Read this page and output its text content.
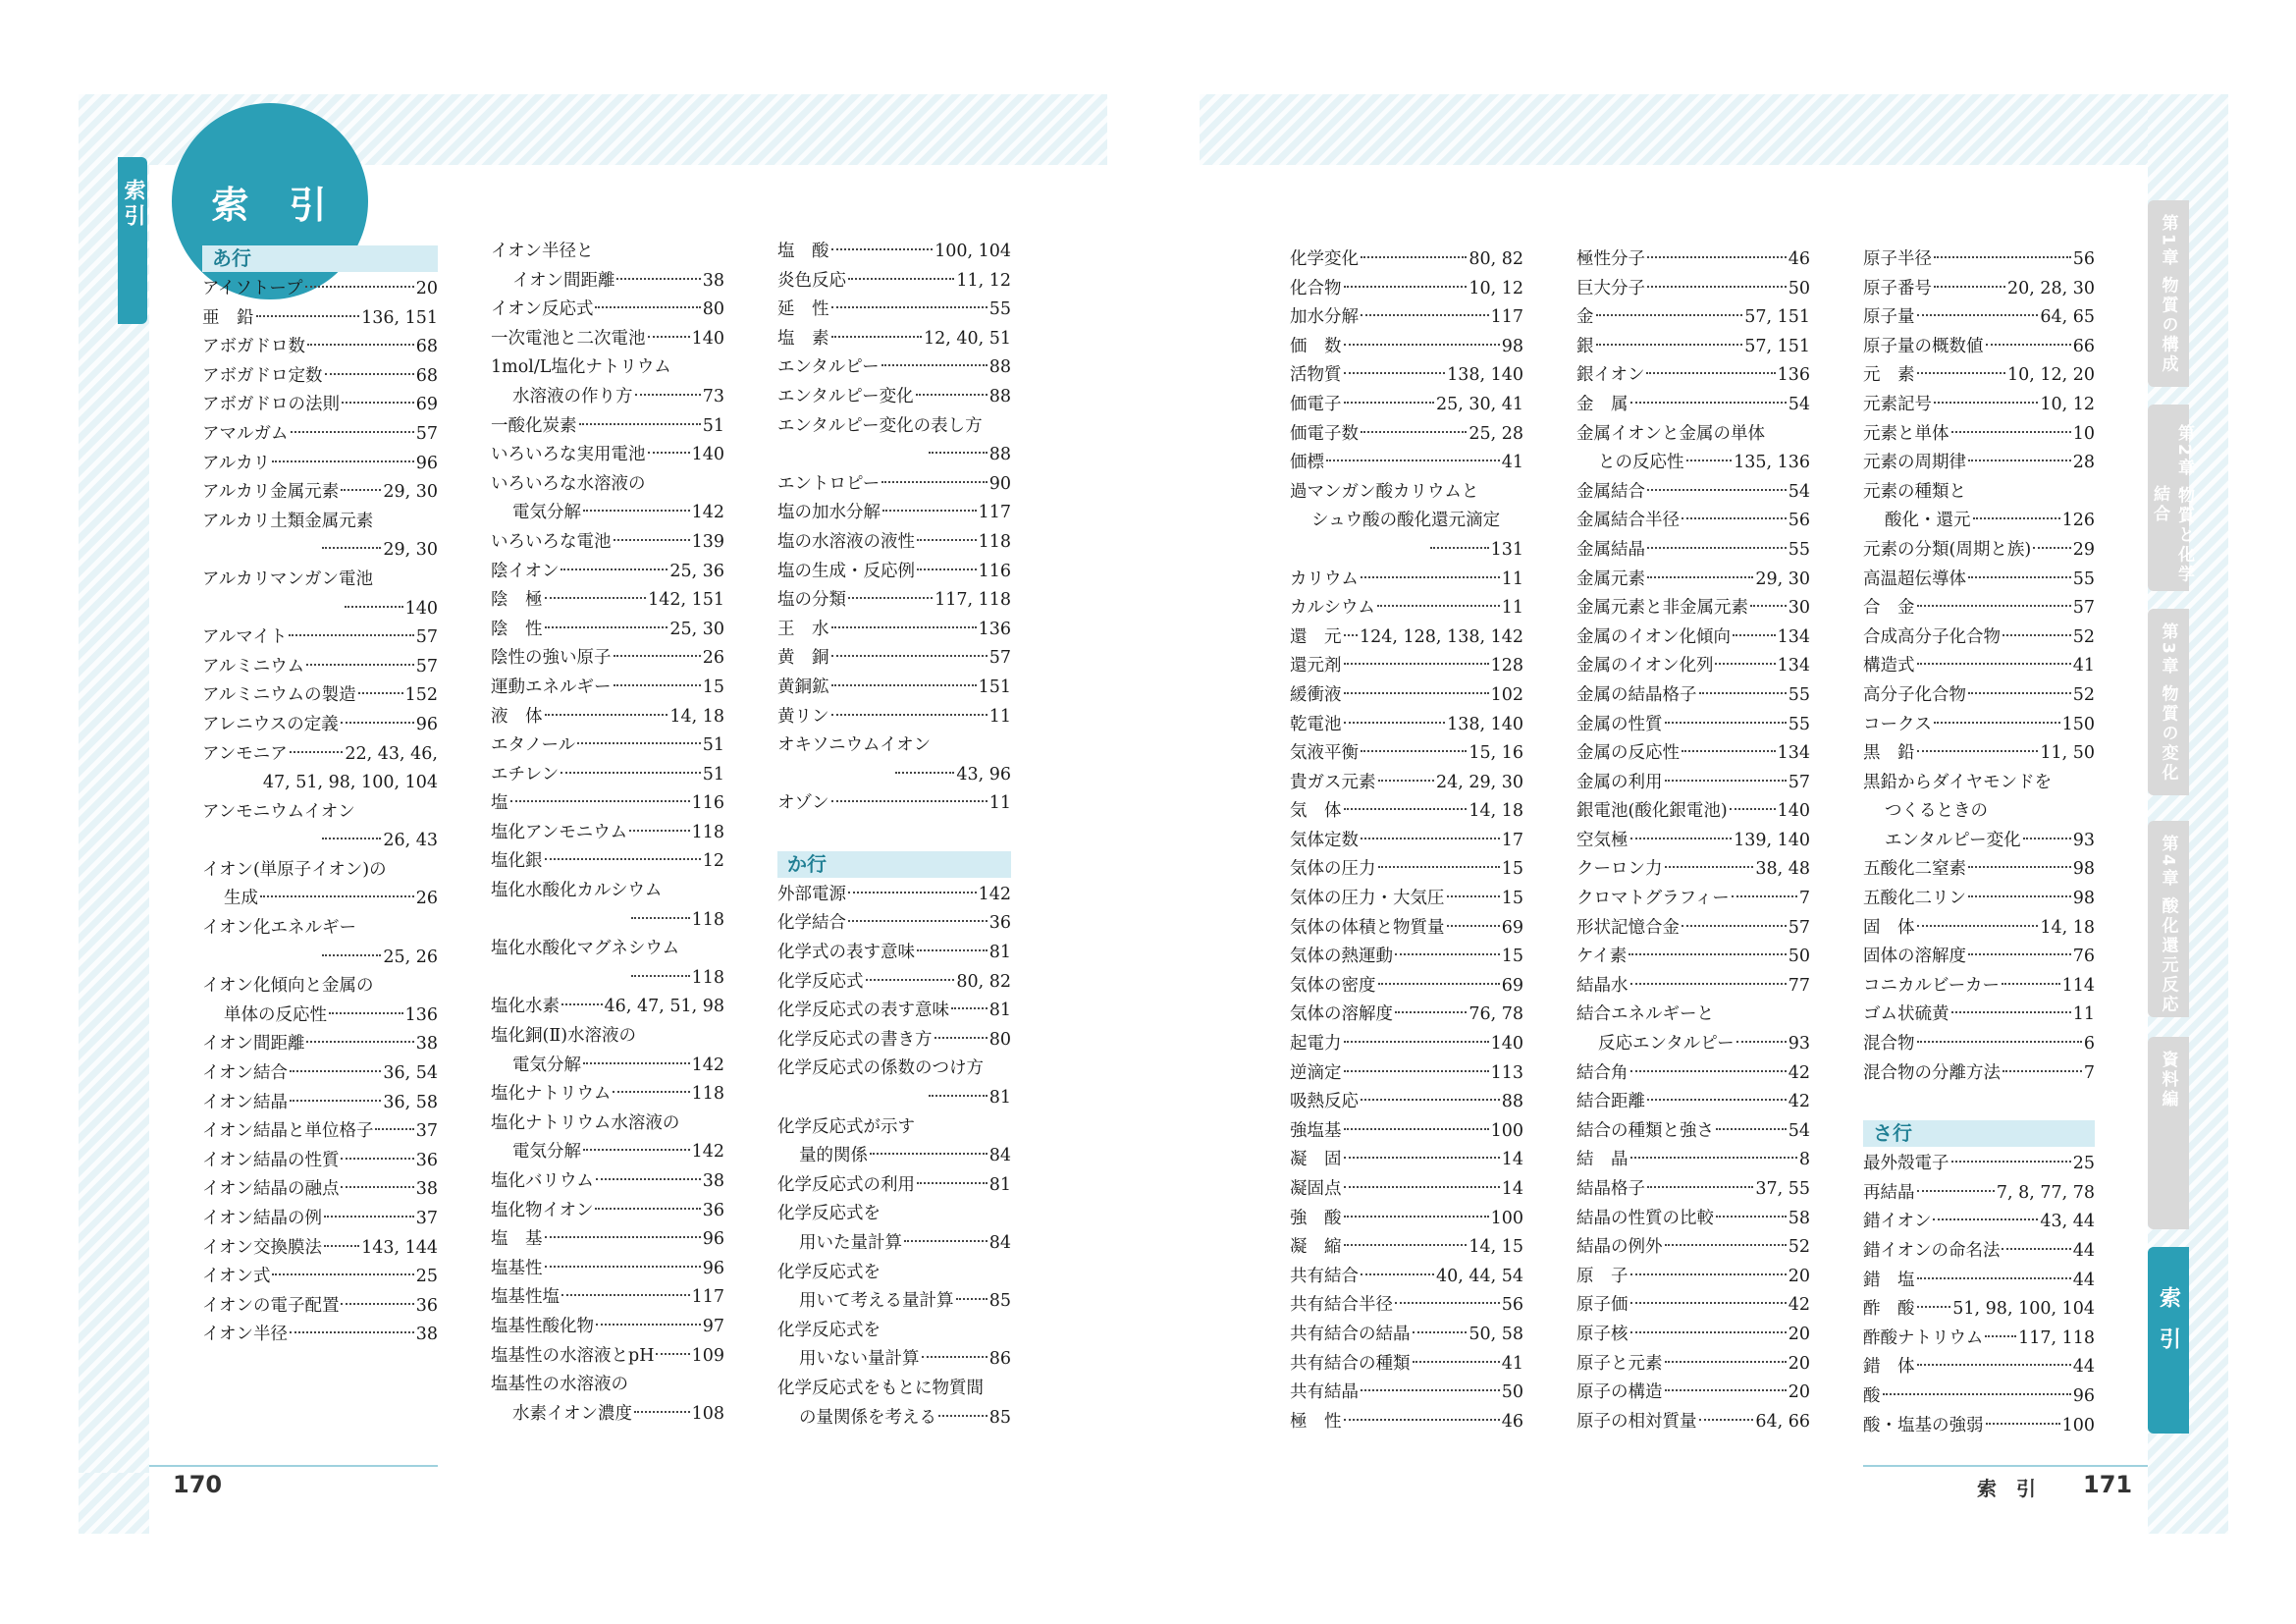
索引	索 引
あ行
アイソトープ	20
亜　鉛	136, 151
アボガドロ数	68
アボガドロ定数	68
アボガドロの法則	69
アマルガム	57
アルカリ	96
アルカリ金属元素	29, 30
アルカリ土類金属元素
29, 30
アルカリマンガン電池
140
アルマイト	57
アルミニウム	57
アルミニウムの製造	152
アレニウスの定義	96
アンモニア	22, 43, 46,
47, 51, 98, 100, 104
アンモニウムイオン
26, 43
イオン(単原子イオン)の
生成	26
イオン化エネルギー
25, 26
イオン化傾向と金属の
単体の反応性	136
イオン間距離	38
イオン結合	36, 54
イオン結晶	36, 58
イオン結晶と単位格子 37
イオン結晶の性質	36
イオン結晶の融点	38
イオン結晶の例	37
イオン交換膜法 143, 144
イオン式	25
イオンの電子配置	36
イオン半径	38
イオン半径と
イオン間距離	38
イオン反応式	80
一次電池と二次電池	140
1mol/L塩化ナトリウム
水溶液の作り方	73
一酸化炭素	51
いろいろな実用電池	140
いろいろな水溶液の
電気分解	142
いろいろな電池	139
陰イオン	25, 36
陰　極	142, 151
陰　性	25, 30
陰性の強い原子	26
運動エネルギー	15
液　体	14, 18
エタノール	51
エチレン	51
塩	116
塩化アンモニウム	118
塩化銀	12
塩化水酸化カルシウム
118
塩化水酸化マグネシウム
118
塩化水素	46, 47, 51, 98
塩化銅(Ⅱ)水溶液の
電気分解	142
塩化ナトリウム	118
塩化ナトリウム水溶液の
電気分解	142
塩化バリウム	38
塩化物イオン	36
塩　基	96
塩基性	96
塩基性塩	117
塩基性酸化物	97
塩基性の水溶液とpH 109
塩基性の水溶液の
水素イオン濃度	108
塩　酸	100, 104
炎色反応	11, 12
延　性	55
塩　素	12, 40, 51
エンタルピー	88
エンタルピー変化	88
エンタルピー変化の表し方
88
エントロピー	90
塩の加水分解	117
塩の水溶液の液性	118
塩の生成・反応例	116
塩の分類	117, 118
王　水	136
黄　銅	57
黄銅鉱	151
黄リン	11
オキソニウムイオン
43, 96
オゾン	11
か行
外部電源	142
化学結合	36
化学式の表す意味	81
化学反応式	80, 82
化学反応式の表す意味 81
化学反応式の書き方	80
化学反応式の係数のつけ方
81
化学反応式が示す
量的関係	84
化学反応式の利用	81
化学反応式を
用いた量計算	84
化学反応式を
用いて考える量計算 85
化学反応式を
用いない量計算	86
化学反応式をもとに物質間
の量関係を考える	85
170
化学変化	80, 82
化合物	10, 12
加水分解	117
価　数	98
活物質	138, 140
価電子	25, 30, 41
価電子数	25, 28
価標	41
過マンガン酸カリウムと
シュウ酸の酸化還元滴定
131
カリウム	11
カルシウム	11
還　元 124, 128, 138, 142
還元剤	128
緩衝液	102
乾電池	138, 140
気液平衡	15, 16
貴ガス元素	24, 29, 30
気　体	14, 18
気体定数	17
気体の圧力	15
気体の圧力・大気圧	15
気体の体積と物質量	69
気体の熱運動	15
気体の密度	69
気体の溶解度	76, 78
起電力	140
逆滴定	113
吸熱反応	88
強塩基	100
凝　固	14
凝固点	14
強　酸	100
凝　縮	14, 15
共有結合	40, 44, 54
共有結合半径	56
共有結合の結晶	50, 58
共有結合の種類	41
共有結晶	50
極　性	46
極性分子	46
巨大分子	50
金	57, 151
銀	57, 151
銀イオン	136
金　属	54
金属イオンと金属の単体
との反応性	135, 136
金属結合	54
金属結合半径	56
金属結晶	55
金属元素	29, 30
金属元素と非金属元素 30
金属のイオン化傾向	134
金属のイオン化列	134
金属の結晶格子	55
金属の性質	55
金属の反応性	134
金属の利用	57
銀電池(酸化銀電池)	140
空気極	139, 140
クーロン力	38, 48
クロマトグラフィー	7
形状記憶合金	57
ケイ素	50
結晶水	77
結合エネルギーと
反応エンタルピー	93
結合角	42
結合距離	42
結合の種類と強さ	54
結　晶	8
結晶格子	37, 55
結晶の性質の比較	58
結晶の例外	52
原　子	20
原子価	42
原子核	20
原子と元素	20
原子の構造	20
原子の相対質量	64, 66
原子半径	56
原子番号	20, 28, 30
原子量	64, 65
原子量の概数値	66
元　素	10, 12, 20
元素記号	10, 12
元素と単体	10
元素の周期律	28
元素の種類と
酸化・還元	126
元素の分類(周期と族) 29
高温超伝導体	55
合　金	57
合成高分子化合物	52
構造式	41
高分子化合物	52
コークス	150
黒　鉛	11, 50
黒鉛からダイヤモンドを
つくるときの
エンタルピー変化	93
五酸化二窒素	98
五酸化二リン	98
固　体	14, 18
固体の溶解度	76
コニカルビーカー	114
ゴム状硫黄	11
混合物	6
混合物の分離方法	7
さ行
最外殻電子	25
再結晶	7, 8, 77, 78
錯イオン	43, 44
錯イオンの命名法	44
錯　塩	44
酢　酸 51, 98, 100, 104
酢酸ナトリウム 117, 118
錯　体	44
酸	96
酸・塩基の強弱	100
索引 171
第1章 物質の構成
第2章 物質と化学結合
第3章 物質の変化
第4章 酸化還元反応
資料編
索引
